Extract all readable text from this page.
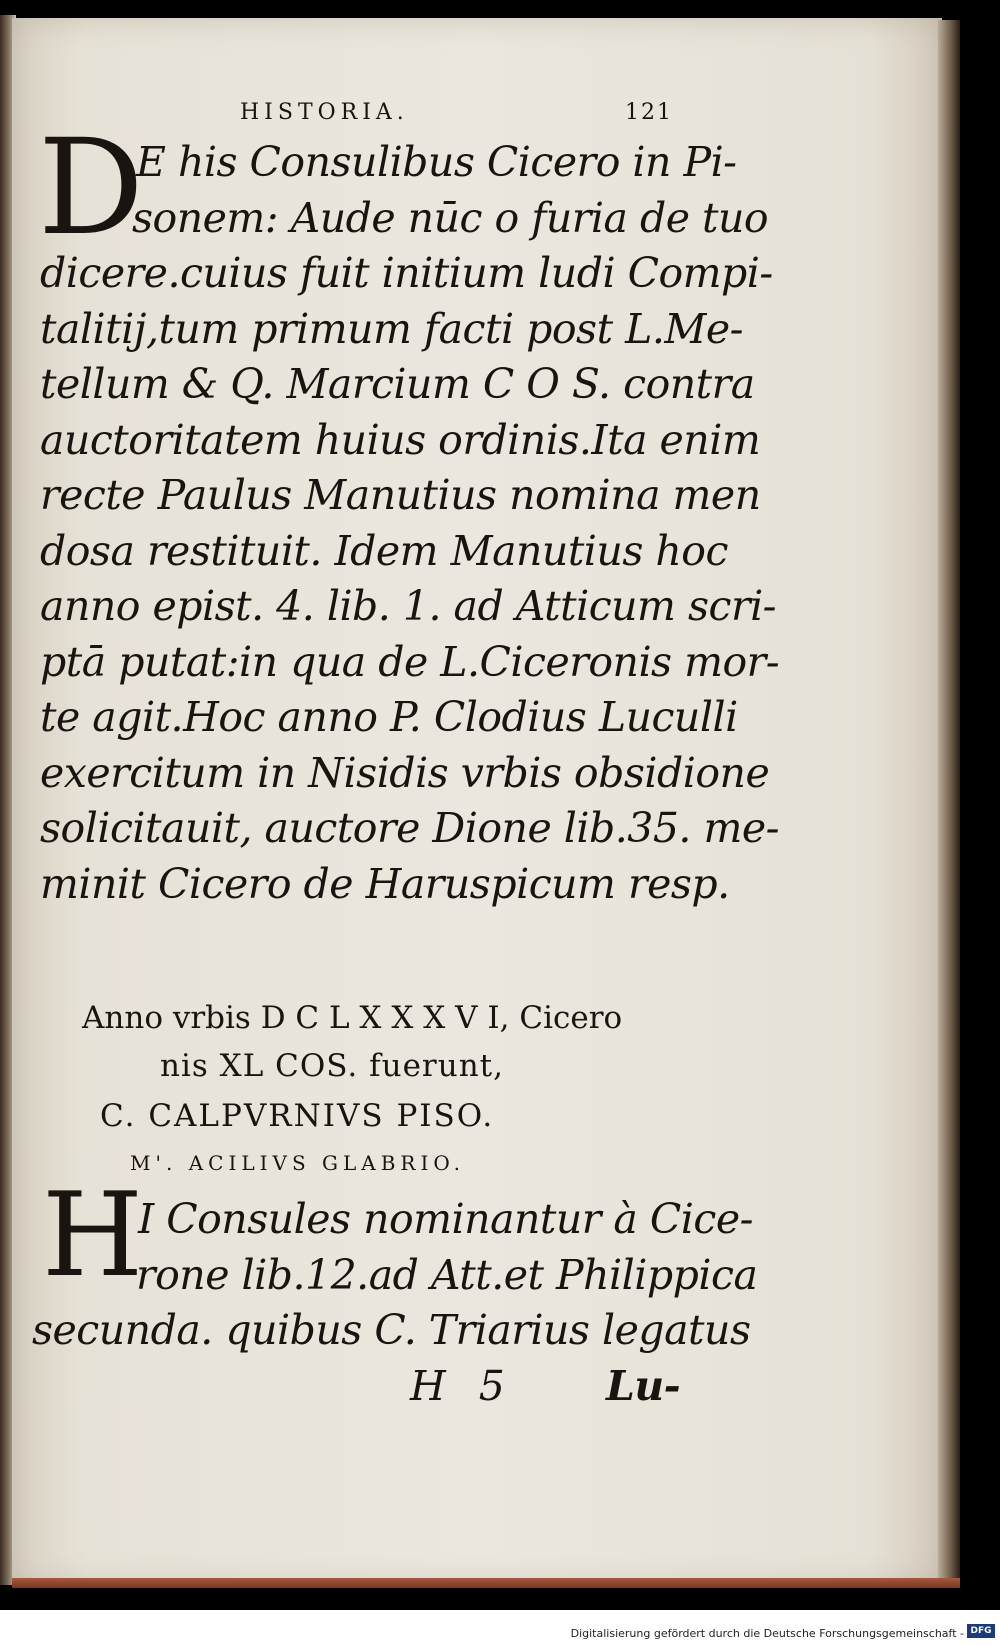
HISTORIA.	121
D
E his Consulibus Cicero in Pi-
sonem: Aude nūc o furia de tuo
dicere.cuius fuit initium ludi Compi-
talitij,tum primum facti post L.Me-
tellum & Q. Marcium C O S. contra
auctoritatem huius ordinis.Ita enim
recte Paulus Manutius nomina men
dosa restituit. Idem Manutius hoc
anno epist. 4. lib. 1. ad Atticum scri-
ptā putat:in qua de L.Ciceronis mor-
te agit.Hoc anno P. Clodius Luculli
exercitum in Nisidis vrbis obsidione
solicitauit, auctore Dione lib.35. me-
minit Cicero de Haruspicum resp.
Anno vrbis D C L X X X V I, Cicero
nis XL COS. fuerunt,
C. CALPVRNIVS PISO.
M'. ACILIVS GLABRIO.
H
I Consules nominantur à Cice-
rone lib.12.ad Att.et Philippica
secunda. quibus C. Triarius legatus
H 5 Lu-
Digitalisierung gefördert durch die Deutsche Forschungsgemeinschaft - DFG
